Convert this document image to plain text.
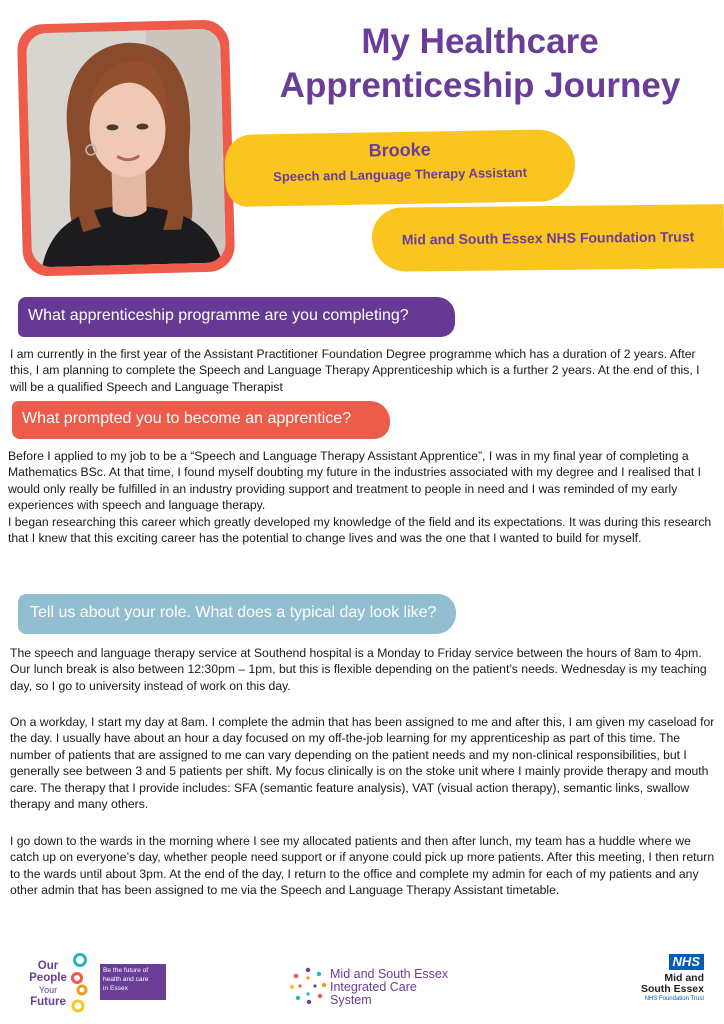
My Healthcare
Apprenticeship Journey
Brooke
Speech and Language Therapy Assistant
Mid and South Essex NHS Foundation Trust
What apprenticeship programme are you completing?
I am currently in the first year of the Assistant Practitioner Foundation Degree programme which has a duration of 2 years. After this, I am planning to complete the Speech and Language Therapy Apprenticeship which is a further 2 years. At the end of this, I will be a qualified Speech and Language Therapist
What prompted you to become an apprentice?
Before I applied to my job to be a “Speech and Language Therapy Assistant Apprentice”, I was in my final year of completing a Mathematics BSc. At that time, I found myself doubting my future in the industries associated with my degree and I realised that I would only really be fulfilled in an industry providing support and treatment to people in need and I was reminded of my early experiences with speech and language therapy.
I began researching this career which greatly developed my knowledge of the field and its expectations. It was during this research that I knew that this exciting career has the potential to change lives and was the one that I wanted to build for myself.
Tell us about your role. What does a typical day look like?
The speech and language therapy service at Southend hospital is a Monday to Friday service between the hours of 8am to 4pm. Our lunch break is also between 12:30pm – 1pm, but this is flexible depending on the patient’s needs. Wednesday is my teaching day, so I go to university instead of work on this day.
On a workday, I start my day at 8am. I complete the admin that has been assigned to me and after this, I am given my caseload for the day. I usually have about an hour a day focused on my off-the-job learning for my apprenticeship as part of this time. The number of patients that are assigned to me can vary depending on the patient needs and my non-clinical responsibilities, but I generally see between 3 and 5 patients per shift. My focus clinically is on the stoke unit where I mainly provide therapy and mouth care. The therapy that I provide includes: SFA (semantic feature analysis), VAT (visual action therapy), semantic links, swallow therapy and many others.
I go down to the wards in the morning where I see my allocated patients and then after lunch, my team has a huddle where we catch up on everyone’s day, whether people need support or if anyone could pick up more patients. After this meeting, I then return to the wards until about 3pm. At the end of the day, I return to the office and complete my admin for each of my patients and any other admin that has been assigned to me via the Speech and Language Therapy Assistant timetable.
Our
People
Your
Future
Be the future of
health and care
in Essex
Mid and South Essex
Integrated Care
System
NHS
Mid and
South Essex
NHS Foundation Trust
